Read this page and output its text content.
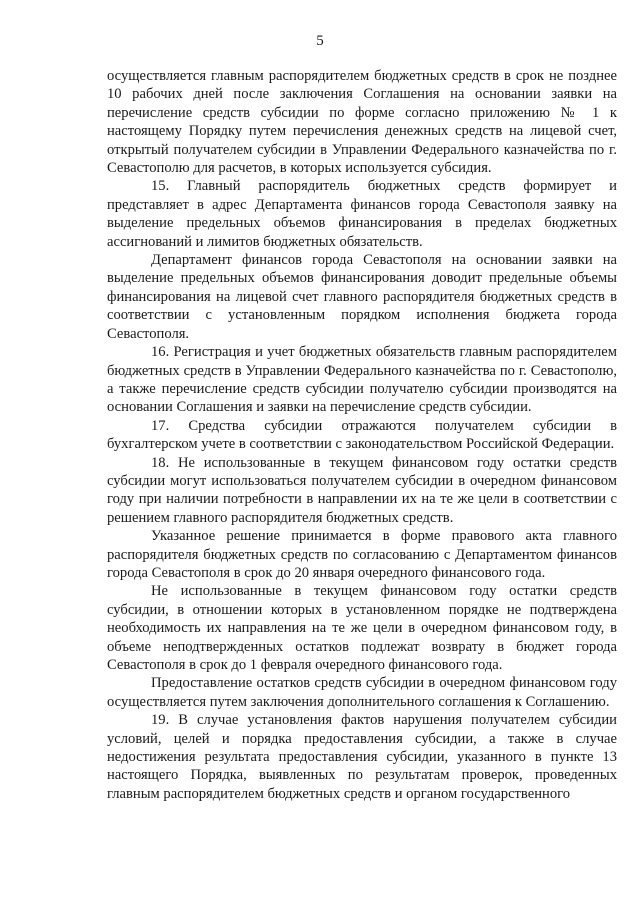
5

осуществляется главным распорядителем бюджетных средств в срок не позднее 10 рабочих дней после заключения Соглашения на основании заявки на перечисление средств субсидии по форме согласно приложению № 1 к настоящему Порядку путем перечисления денежных средств на лицевой счет, открытый получателем субсидии в Управлении Федерального казначейства по г. Севастополю для расчетов, в которых используется субсидия.

15. Главный распорядитель бюджетных средств формирует и представляет в адрес Департамента финансов города Севастополя заявку на выделение предельных объемов финансирования в пределах бюджетных ассигнований и лимитов бюджетных обязательств.

Департамент финансов города Севастополя на основании заявки на выделение предельных объемов финансирования доводит предельные объемы финансирования на лицевой счет главного распорядителя бюджетных средств в соответствии с установленным порядком исполнения бюджета города Севастополя.

16. Регистрация и учет бюджетных обязательств главным распорядителем бюджетных средств в Управлении Федерального казначейства по г. Севастополю, а также перечисление средств субсидии получателю субсидии производятся на основании Соглашения и заявки на перечисление средств субсидии.

17. Средства субсидии отражаются получателем субсидии в бухгалтерском учете в соответствии с законодательством Российской Федерации.

18. Не использованные в текущем финансовом году остатки средств субсидии могут использоваться получателем субсидии в очередном финансовом году при наличии потребности в направлении их на те же цели в соответствии с решением главного распорядителя бюджетных средств.

Указанное решение принимается в форме правового акта главного распорядителя бюджетных средств по согласованию с Департаментом финансов города Севастополя в срок до 20 января очередного финансового года.

Не использованные в текущем финансовом году остатки средств субсидии, в отношении которых в установленном порядке не подтверждена необходимость их направления на те же цели в очередном финансовом году, в объеме неподтвержденных остатков подлежат возврату в бюджет города Севастополя в срок до 1 февраля очередного финансового года.

Предоставление остатков средств субсидии в очередном финансовом году осуществляется путем заключения дополнительного соглашения к Соглашению.

19. В случае установления фактов нарушения получателем субсидии условий, целей и порядка предоставления субсидии, а также в случае недостижения результата предоставления субсидии, указанного в пункте 13 настоящего Порядка, выявленных по результатам проверок, проведенных главным распорядителем бюджетных средств и органом государственного
